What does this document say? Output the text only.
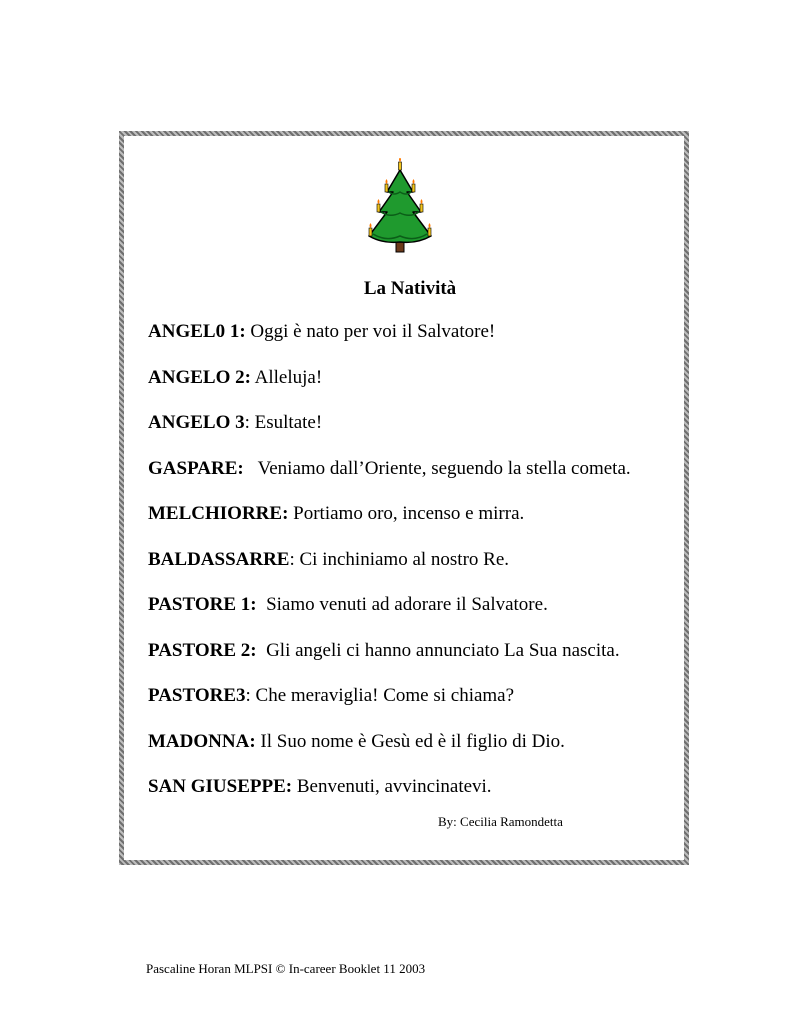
La Natività
ANGEL0 1: Oggi è nato per voi il Salvatore!
ANGELO 2: Alleluja!
ANGELO 3: Esultate!
GASPARE:   Veniamo dall’Oriente, seguendo la stella cometa.
MELCHIORRE: Portiamo oro, incenso e mirra.
BALDASSARRE: Ci inchiniamo al nostro Re.
PASTORE 1:  Siamo venuti ad adorare il Salvatore.
PASTORE 2:  Gli angeli ci hanno annunciato La Sua nascita.
PASTORE3: Che meraviglia! Come si chiama?
MADONNA: Il Suo nome è Gesù ed è il figlio di Dio.
SAN GIUSEPPE: Benvenuti, avvincinatevi.
By: Cecilia Ramondetta
Pascaline Horan MLPSI © In-career Booklet 11 2003
